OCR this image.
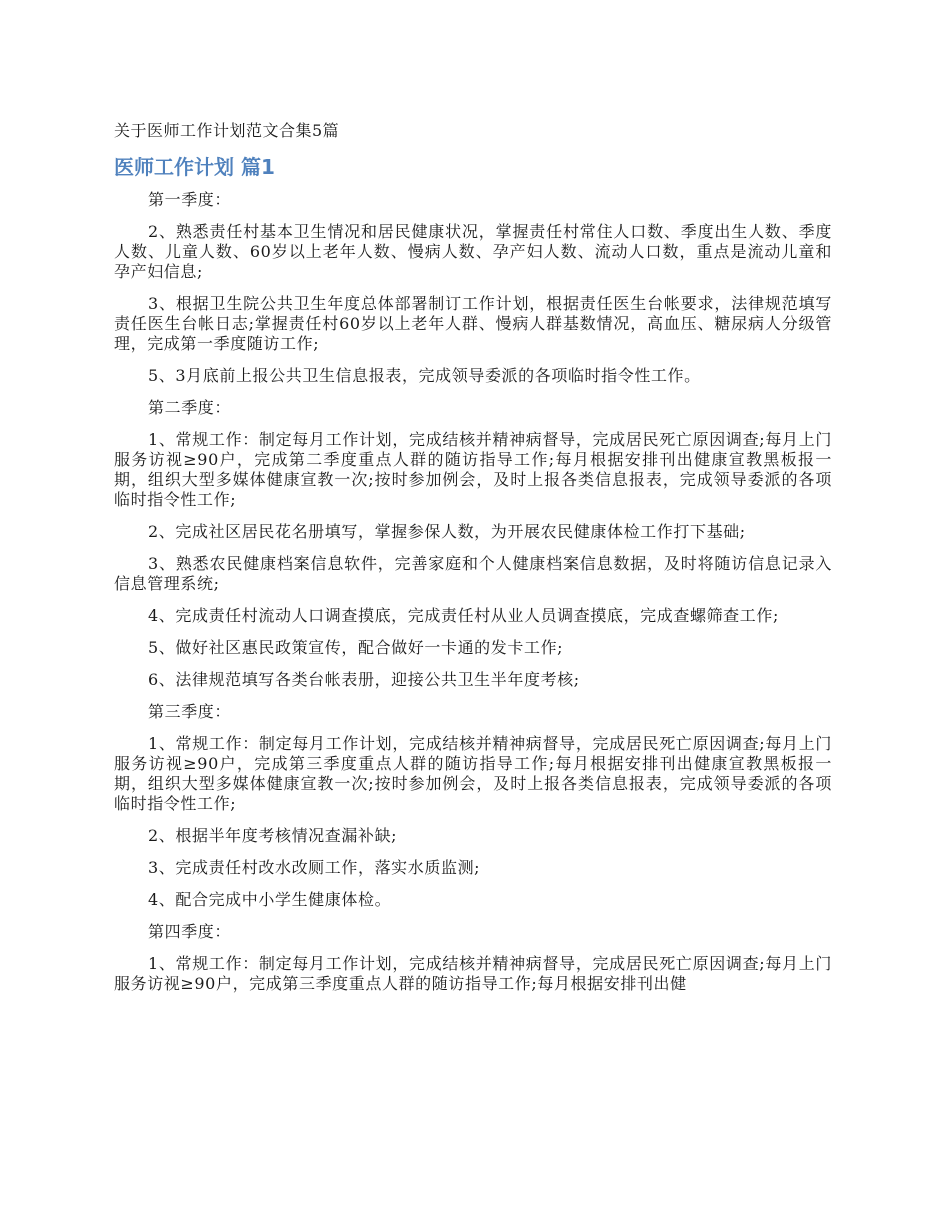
关于医师工作计划范文合集5篇
医师工作计划 篇1

第一季度：

2、熟悉责任村基本卫生情况和居民健康状况，掌握责任村常住人口数、季度出生人数、季度人数、儿童人数、60岁以上老年人数、慢病人数、孕产妇人数、流动人口数，重点是流动儿童和孕产妇信息;

3、根据卫生院公共卫生年度总体部署制订工作计划，根据责任医生台帐要求，法律规范填写责任医生台帐日志;掌握责任村60岁以上老年人群、慢病人群基数情况，高血压、糖尿病人分级管理，完成第一季度随访工作;

5、3月底前上报公共卫生信息报表，完成领导委派的各项临时指令性工作。

第二季度：

1、常规工作：制定每月工作计划，完成结核并精神病督导，完成居民死亡原因调查;每月上门服务访视≥90户，完成第二季度重点人群的随访指导工作;每月根据安排刊出健康宣教黑板报一期，组织大型多媒体健康宣教一次;按时参加例会，及时上报各类信息报表，完成领导委派的各项临时指令性工作;

2、完成社区居民花名册填写，掌握参保人数，为开展农民健康体检工作打下基础;

3、熟悉农民健康档案信息软件，完善家庭和个人健康档案信息数据，及时将随访信息记录入信息管理系统;

4、完成责任村流动人口调查摸底，完成责任村从业人员调查摸底，完成查螺筛查工作;

5、做好社区惠民政策宣传，配合做好一卡通的发卡工作;

6、法律规范填写各类台帐表册，迎接公共卫生半年度考核;

第三季度：

1、常规工作：制定每月工作计划，完成结核并精神病督导，完成居民死亡原因调查;每月上门服务访视≥90户，完成第三季度重点人群的随访指导工作;每月根据安排刊出健康宣教黑板报一期，组织大型多媒体健康宣教一次;按时参加例会，及时上报各类信息报表，完成领导委派的各项临时指令性工作;

2、根据半年度考核情况查漏补缺;

3、完成责任村改水改厕工作，落实水质监测;

4、配合完成中小学生健康体检。

第四季度：

1、常规工作：制定每月工作计划，完成结核并精神病督导，完成居民死亡原因调查;每月上门服务访视≥90户，完成第三季度重点人群的随访指导工作;每月根据安排刊出健
